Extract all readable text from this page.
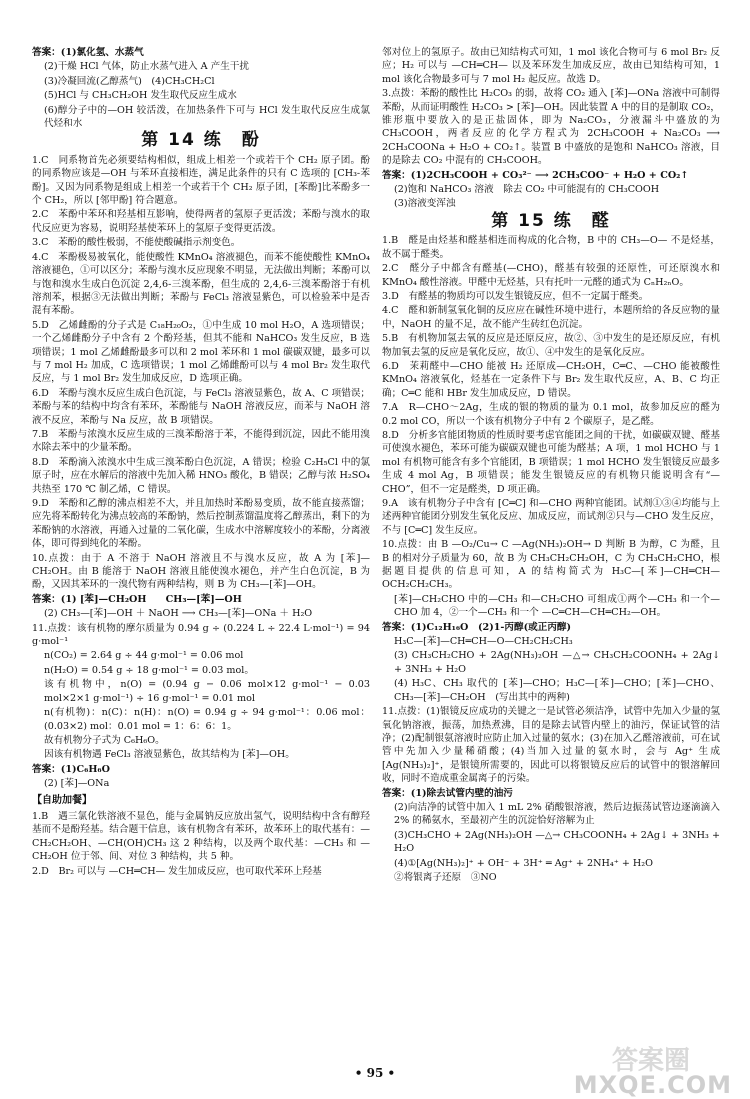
答案：(1)氯化氢、水蒸气
(2)干燥 HCl 气体，防止水蒸气进入 A 产生干扰
(3)冷凝回流(乙醇蒸气)　(4)CH₃CH₂Cl
(5)HCl 与 CH₃CH₂OH 发生取代反应生成水
(6)醇分子中的—OH 较活泼，在加热条件下可与 HCl 发生取代反应生成氯代烃和水
第 14 练　酚
1.C　同系物首先必须要结构相似，组成上相差一个或若干个 CH₂ 原子团。酚的同系物应该是—OH 与苯环直接相连，满足此条件的只有 C 选项的 [CH₃-苯酚]。又因为同系物是组成上相差一个或若干个 CH₂ 原子团，[苯酚]比苯酚多一个 CH₂，所以 [邻甲酚] 符合题意。
2.C　苯酚中苯环和羟基相互影响，使得两者的氢原子更活泼；苯酚与溴水的取代反应更为容易，说明羟基使苯环上的氢原子变得更活泼。
3.C　苯酚的酸性极弱，不能使酸碱指示剂变色。
4.C　苯酚极易被氧化，能使酸性 KMnO₄ 溶液褪色，而苯不能使酸性 KMnO₄ 溶液褪色，①可以区分；苯酚与溴水反应现象不明显，无法做出判断；苯酚可以与饱和溴水生成白色沉淀 2,4,6-三溴苯酚，但生成的 2,4,6-三溴苯酚溶于有机溶剂苯，根据③无法做出判断；苯酚与 FeCl₃ 溶液显紫色，可以检验苯中是否混有苯酚。
5.D　乙烯雌酚的分子式是 C₁₈H₂₀O₂，①中生成 10 mol H₂O，A 选项错误；一个乙烯雌酚分子中含有 2 个酚羟基，但其不能和 NaHCO₃ 发生反应，B 选项错误；1 mol 乙烯雌酚最多可以和 2 mol 苯环和 1 mol 碳碳双键，最多可以与 7 mol H₂ 加成，C 选项错误；1 mol 乙烯雌酚可以与 4 mol Br₂ 发生取代反应，与 1 mol Br₂ 发生加成反应，D 选项正确。
6.D　苯酚与溴水反应生成白色沉淀，与 FeCl₃ 溶液显紫色，故 A、C 项错误；苯酚与苯的结构中均含有苯环，苯酚能与 NaOH 溶液反应，而苯与 NaOH 溶液不反应，苯酚与 Na 反应，故 B 项错误。
7.B　苯酚与浓溴水反应生成的三溴苯酚溶于苯，不能得到沉淀，因此不能用溴水除去苯中的少量苯酚。
8.D　苯酚滴入浓溴水中生成三溴苯酚白色沉淀，A 错误；检验 C₂H₅Cl 中的氯原子时，应在水解后的溶液中先加入稀 HNO₃ 酸化，B 错误；乙醇与浓 H₂SO₄ 共热至 170 ℃ 制乙烯，C 错误。
9.D　苯酚和乙醇的沸点相差不大，并且加热时苯酚易变质，故不能直接蒸馏；应先将苯酚转化为沸点较高的苯酚钠，然后控制蒸馏温度将乙醇蒸出，剩下的为苯酚钠的水溶液，再通入过量的二氧化碳，生成水中溶解度较小的苯酚，分离液体，即可得到纯化的苯酚。
10.点拨：由于 A 不溶于 NaOH 溶液且不与溴水反应，故 A 为 [苯]—CH₂OH。由 B 能溶于 NaOH 溶液且能使溴水褪色，并产生白色沉淀，B 为酚，又因其苯环的一溴代物有两种结构，则 B 为 CH₃—[苯]—OH。
答案：(1) [苯]—CH₂OH　　CH₃—[苯]—OH
(2) CH₃—[苯]—OH ＋ NaOH ⟶ CH₃—[苯]—ONa ＋ H₂O
11.点拨：该有机物的摩尔质量为 0.94 g ÷ (0.224 L ÷ 22.4 L·mol⁻¹) = 94 g·mol⁻¹
n(CO₂) = 2.64 g ÷ 44 g·mol⁻¹ = 0.06 mol
n(H₂O) = 0.54 g ÷ 18 g·mol⁻¹ = 0.03 mol。
该有机物中，n(O) = (0.94 g − 0.06 mol×12 g·mol⁻¹ − 0.03 mol×2×1 g·mol⁻¹) ÷ 16 g·mol⁻¹ = 0.01 mol
n(有机物)：n(C)：n(H)：n(O) = 0.94 g ÷ 94 g·mol⁻¹：0.06 mol：(0.03×2) mol：0.01 mol = 1：6：6：1。
故有机物分子式为 C₆H₆O。
因该有机物遇 FeCl₃ 溶液显紫色，故其结构为 [苯]—OH。
答案：(1)C₆H₆O
(2) [苯]—ONa
【自助加餐】
1.B　遇三氯化铁溶液不显色，能与金属钠反应放出氢气，说明结构中含有醇羟基而不是酚羟基。结合题干信息，该有机物含有苯环，故苯环上的取代基有：—CH₂CH₂OH、—CH(OH)CH₃ 这 2 种结构，以及两个取代基：—CH₃ 和 —CH₂OH 位于邻、间、对位 3 种结构，共 5 种。
2.D　Br₂ 可以与 —CH═CH— 发生加成反应，也可取代苯环上羟基
邻对位上的氢原子。故由已知结构式可知，1 mol 该化合物可与 6 mol Br₂ 反应；H₂ 可以与 —CH═CH— 以及苯环发生加成反应，故由已知结构可知，1 mol 该化合物最多可与 7 mol H₂ 起反应。故选 D。
3.点拨：苯酚的酸性比 H₂CO₃ 的弱，故将 CO₂ 通入 [苯]—ONa 溶液中可制得苯酚，从而证明酸性 H₂CO₃ > [苯]—OH。因此装置 A 中的目的是制取 CO₂，锥形瓶中要放入的是正盐固体，即为 Na₂CO₃，分液漏斗中盛放的为 CH₃COOH，两者反应的化学方程式为 2CH₃COOH + Na₂CO₃ ⟶ 2CH₃COONa + H₂O + CO₂↑。装置 B 中盛放的是饱和 NaHCO₃ 溶液，目的是除去 CO₂ 中混有的 CH₃COOH。
答案：(1)2CH₃COOH + CO₃²⁻ ⟶ 2CH₃COO⁻ + H₂O + CO₂↑
(2)饱和 NaHCO₃ 溶液　除去 CO₂ 中可能混有的 CH₃COOH
(3)溶液变浑浊
第 15 练　醛
1.B　醛是由烃基和醛基相连而构成的化合物，B 中的 CH₃—O— 不是烃基，故不属于醛类。
2.C　醛分子中都含有醛基(—CHO)，醛基有较强的还原性，可还原溴水和 KMnO₄ 酸性溶液。甲醛中无烃基，只有托叶一元醛的通式为 CₙH₂ₙO。
3.D　有醛基的物质均可以发生银镜反应，但不一定属于醛类。
4.C　醛和新制氢氧化铜的反应应在碱性环境中进行，本题所给的各反应物的量中，NaOH 的量不足，故不能产生砖红色沉淀。
5.B　有机物加氢去氧的反应是还原反应，故②、③中发生的是还原反应，有机物加氧去氢的反应是氧化反应，故①、④中发生的是氧化反应。
6.D　茉莉醛中—CHO 能被 H₂ 还原成—CH₂OH，C═C、—CHO 能被酸性 KMnO₄ 溶液氧化，烃基在一定条件下与 Br₂ 发生取代反应，A、B、C 均正确；C═C 能和 HBr 发生加成反应，D 错误。
7.A　R—CHO～2Ag，生成的银的物质的量为 0.1 mol，故参加反应的醛为 0.2 mol CO，所以一个该有机物分子中有 2 个碳原子，是乙醛。
8.D　分析多官能团物质的性质时要考虑官能团之间的干扰，如碳碳双键、醛基可使溴水褪色，苯环可能为碳碳双键也可能为醛基；A 项，1 mol HCHO 与 1 mol 有机物可能含有多个官能团，B 项错误；1 mol HCHO 发生银镜反应最多生成 4 mol Ag，B 项错误；能发生银镜反应的有机物只能说明含有“—CHO”，但不一定是醛类，D 项正确。
9.A　该有机物分子中含有 [C═C] 和—CHO 两种官能团。试剂①③④均能与上述两种官能团分别发生氧化反应、加成反应，而试剂②只与—CHO 发生反应，不与 [C═C] 发生反应。
10.点拨：由 B —O₂/Cu→ C —Ag(NH₃)₂OH→ D 判断 B 为醇，C 为醛，且 B 的相对分子质量为 60，故 B 为 CH₃CH₂CH₂OH，C 为 CH₃CH₂CHO，根据题目提供的信息可知，A 的结构简式为 H₃C—[苯]—CH═CH—OCH₂CH₂CH₃。
[苯]—CH₂CHO 中的—CH₃ 和—CH₂CHO 可组成①两个—CH₃ 和一个—CHO 加 4，②一个—CH₃ 和一个 —C═CH—CH═CH₂—OH。
答案：(1)C₁₂H₁₆O　(2)1-丙醇(或正丙醇)
H₃C—[苯]—CH═CH—O—CH₂CH₂CH₃
(3) CH₃CH₂CHO + 2Ag(NH₃)₂OH —△→ CH₃CH₂COONH₄ + 2Ag↓ + 3NH₃ + H₂O
(4) H₃C、CH₃ 取代的 [苯]—CHO；H₃C—[苯]—CHO；[苯]—CHO、CH₃—[苯]—CH₂OH　(写出其中的两种)
11.点拨：(1)银镜反应成功的关键之一是试管必须洁净，试管中先加入少量的氢氧化钠溶液，振荡，加热煮沸，目的是除去试管内壁上的油污，保证试管的洁净；(2)配制银氨溶液时应防止加入过量的氨水；(3)在加入乙醛溶液前，可在试管中先加入少量稀硝酸；(4)当加入过量的氨水时，会与 Ag⁺ 生成 [Ag(NH₃)₂]⁺，是银镜所需要的，因此可以将银镜反应后的试管中的银溶解回收，同时不造成重金属离子的污染。
答案：(1)除去试管内壁的油污
(2)向洁净的试管中加入 1 mL 2% 硝酸银溶液，然后边振荡试管边逐滴滴入 2% 的稀氨水，至最初产生的沉淀恰好溶解为止
(3)CH₃CHO + 2Ag(NH₃)₂OH —△→ CH₃COONH₄ + 2Ag↓ + 3NH₃ + H₂O
(4)①[Ag(NH₃)₂]⁺ + OH⁻ + 3H⁺ ═ Ag⁺ + 2NH₄⁺ + H₂O
②将银离子还原　③NO
• 95 •	答案圈
MXQE.COM
